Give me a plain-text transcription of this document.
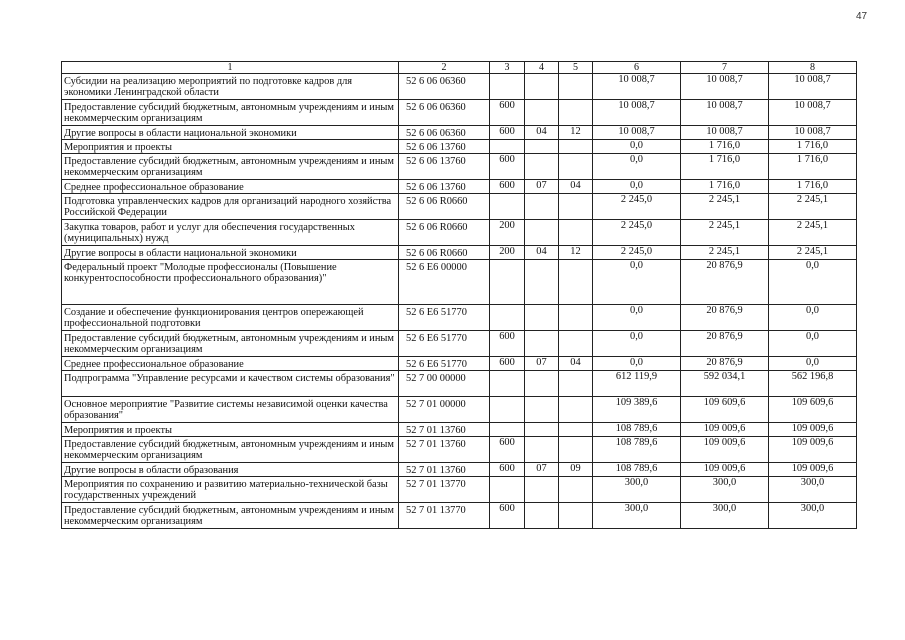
47
1	2	3	4	5	6	7	8
Субсидии на реализацию мероприятий по подготовке кадров для экономики Ленинградской области	52 6 06 06360				10 008,7	10 008,7	10 008,7
Предоставление субсидий бюджетным, автономным учреждениям и иным некоммерческим организациям	52 6 06 06360	600			10 008,7	10 008,7	10 008,7
Другие вопросы в области национальной экономики	52 6 06 06360	600	04	12	10 008,7	10 008,7	10 008,7
Мероприятия и проекты	52 6 06 13760				0,0	1 716,0	1 716,0
Предоставление субсидий бюджетным, автономным учреждениям и иным некоммерческим организациям	52 6 06 13760	600			0,0	1 716,0	1 716,0
Среднее профессиональное образование	52 6 06 13760	600	07	04	0,0	1 716,0	1 716,0
Подготовка управленческих кадров для организаций народного хозяйства Российской Федерации	52 6 06 R0660				2 245,0	2 245,1	2 245,1
Закупка товаров, работ и услуг для обеспечения государственных (муниципальных) нужд	52 6 06 R0660	200			2 245,0	2 245,1	2 245,1
Другие вопросы в области национальной экономики	52 6 06 R0660	200	04	12	2 245,0	2 245,1	2 245,1
Федеральный проект "Молодые профессионалы (Повышение конкурентоспособности профессионального образования)"	52 6 E6 00000				0,0	20 876,9	0,0
Создание и обеспечение функционирования центров опережающей профессиональной подготовки	52 6 E6 51770				0,0	20 876,9	0,0
Предоставление субсидий бюджетным, автономным учреждениям и иным некоммерческим организациям	52 6 E6 51770	600			0,0	20 876,9	0,0
Среднее профессиональное образование	52 6 E6 51770	600	07	04	0,0	20 876,9	0,0
Подпрограмма "Управление ресурсами и качеством системы образования"	52 7 00 00000				612 119,9	592 034,1	562 196,8
Основное мероприятие "Развитие системы независимой оценки качества образования"	52 7 01 00000				109 389,6	109 609,6	109 609,6
Мероприятия и проекты	52 7 01 13760				108 789,6	109 009,6	109 009,6
Предоставление субсидий бюджетным, автономным учреждениям и иным некоммерческим организациям	52 7 01 13760	600			108 789,6	109 009,6	109 009,6
Другие вопросы в области образования	52 7 01 13760	600	07	09	108 789,6	109 009,6	109 009,6
Мероприятия по сохранению и развитию материально-технической базы государственных учреждений	52 7 01 13770				300,0	300,0	300,0
Предоставление субсидий бюджетным, автономным учреждениям и иным некоммерческим организациям	52 7 01 13770	600			300,0	300,0	300,0
